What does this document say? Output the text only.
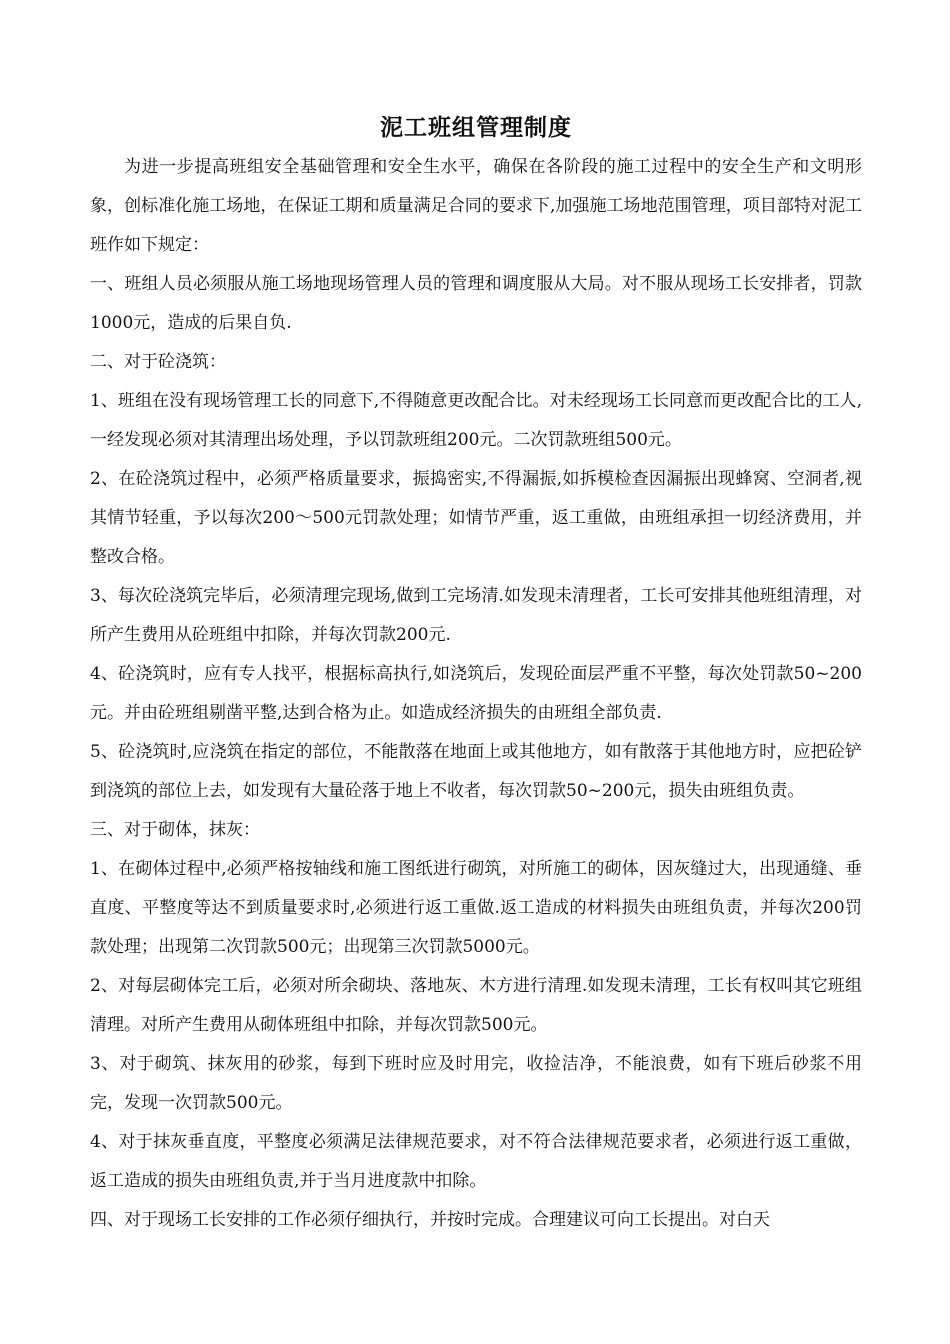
泥工班组管理制度

为进一步提高班组安全基础管理和安全生水平，确保在各阶段的施工过程中的安全生产和文明形象，创标准化施工场地，在保证工期和质量满足合同的要求下,加强施工场地范围管理，项目部特对泥工班作如下规定：

一、班组人员必须服从施工场地现场管理人员的管理和调度服从大局。对不服从现场工长安排者，罚款1000元，造成的后果自负.

二、对于砼浇筑：

1、班组在没有现场管理工长的同意下,不得随意更改配合比。对未经现场工长同意而更改配合比的工人,一经发现必须对其清理出场处理，予以罚款班组200元。二次罚款班组500元。

2、在砼浇筑过程中，必须严格质量要求，振捣密实,不得漏振,如拆模检查因漏振出现蜂窝、空洞者,视其情节轻重，予以每次200～500元罚款处理；如情节严重，返工重做，由班组承担一切经济费用，并整改合格。

3、每次砼浇筑完毕后，必须清理完现场,做到工完场清.如发现未清理者，工长可安排其他班组清理，对所产生费用从砼班组中扣除，并每次罚款200元.

4、砼浇筑时，应有专人找平，根据标高执行,如浇筑后，发现砼面层严重不平整，每次处罚款50~200元。并由砼班组剔凿平整,达到合格为止。如造成经济损失的由班组全部负责.

5、砼浇筑时,应浇筑在指定的部位，不能散落在地面上或其他地方，如有散落于其他地方时，应把砼铲到浇筑的部位上去，如发现有大量砼落于地上不收者，每次罚款50~200元，损失由班组负责。

三、对于砌体，抹灰：

1、在砌体过程中,必须严格按轴线和施工图纸进行砌筑，对所施工的砌体，因灰缝过大，出现通缝、垂直度、平整度等达不到质量要求时,必须进行返工重做.返工造成的材料损失由班组负责，并每次200罚款处理；出现第二次罚款500元；出现第三次罚款5000元。

2、对每层砌体完工后，必须对所余砌块、落地灰、木方进行清理.如发现未清理，工长有权叫其它班组清理。对所产生费用从砌体班组中扣除，并每次罚款500元。

3、对于砌筑、抹灰用的砂浆，每到下班时应及时用完，收捡洁净，不能浪费，如有下班后砂浆不用完，发现一次罚款500元。

4、对于抹灰垂直度，平整度必须满足法律规范要求，对不符合法律规范要求者，必须进行返工重做，返工造成的损失由班组负责,并于当月进度款中扣除。

四、对于现场工长安排的工作必须仔细执行，并按时完成。合理建议可向工长提出。对白天
